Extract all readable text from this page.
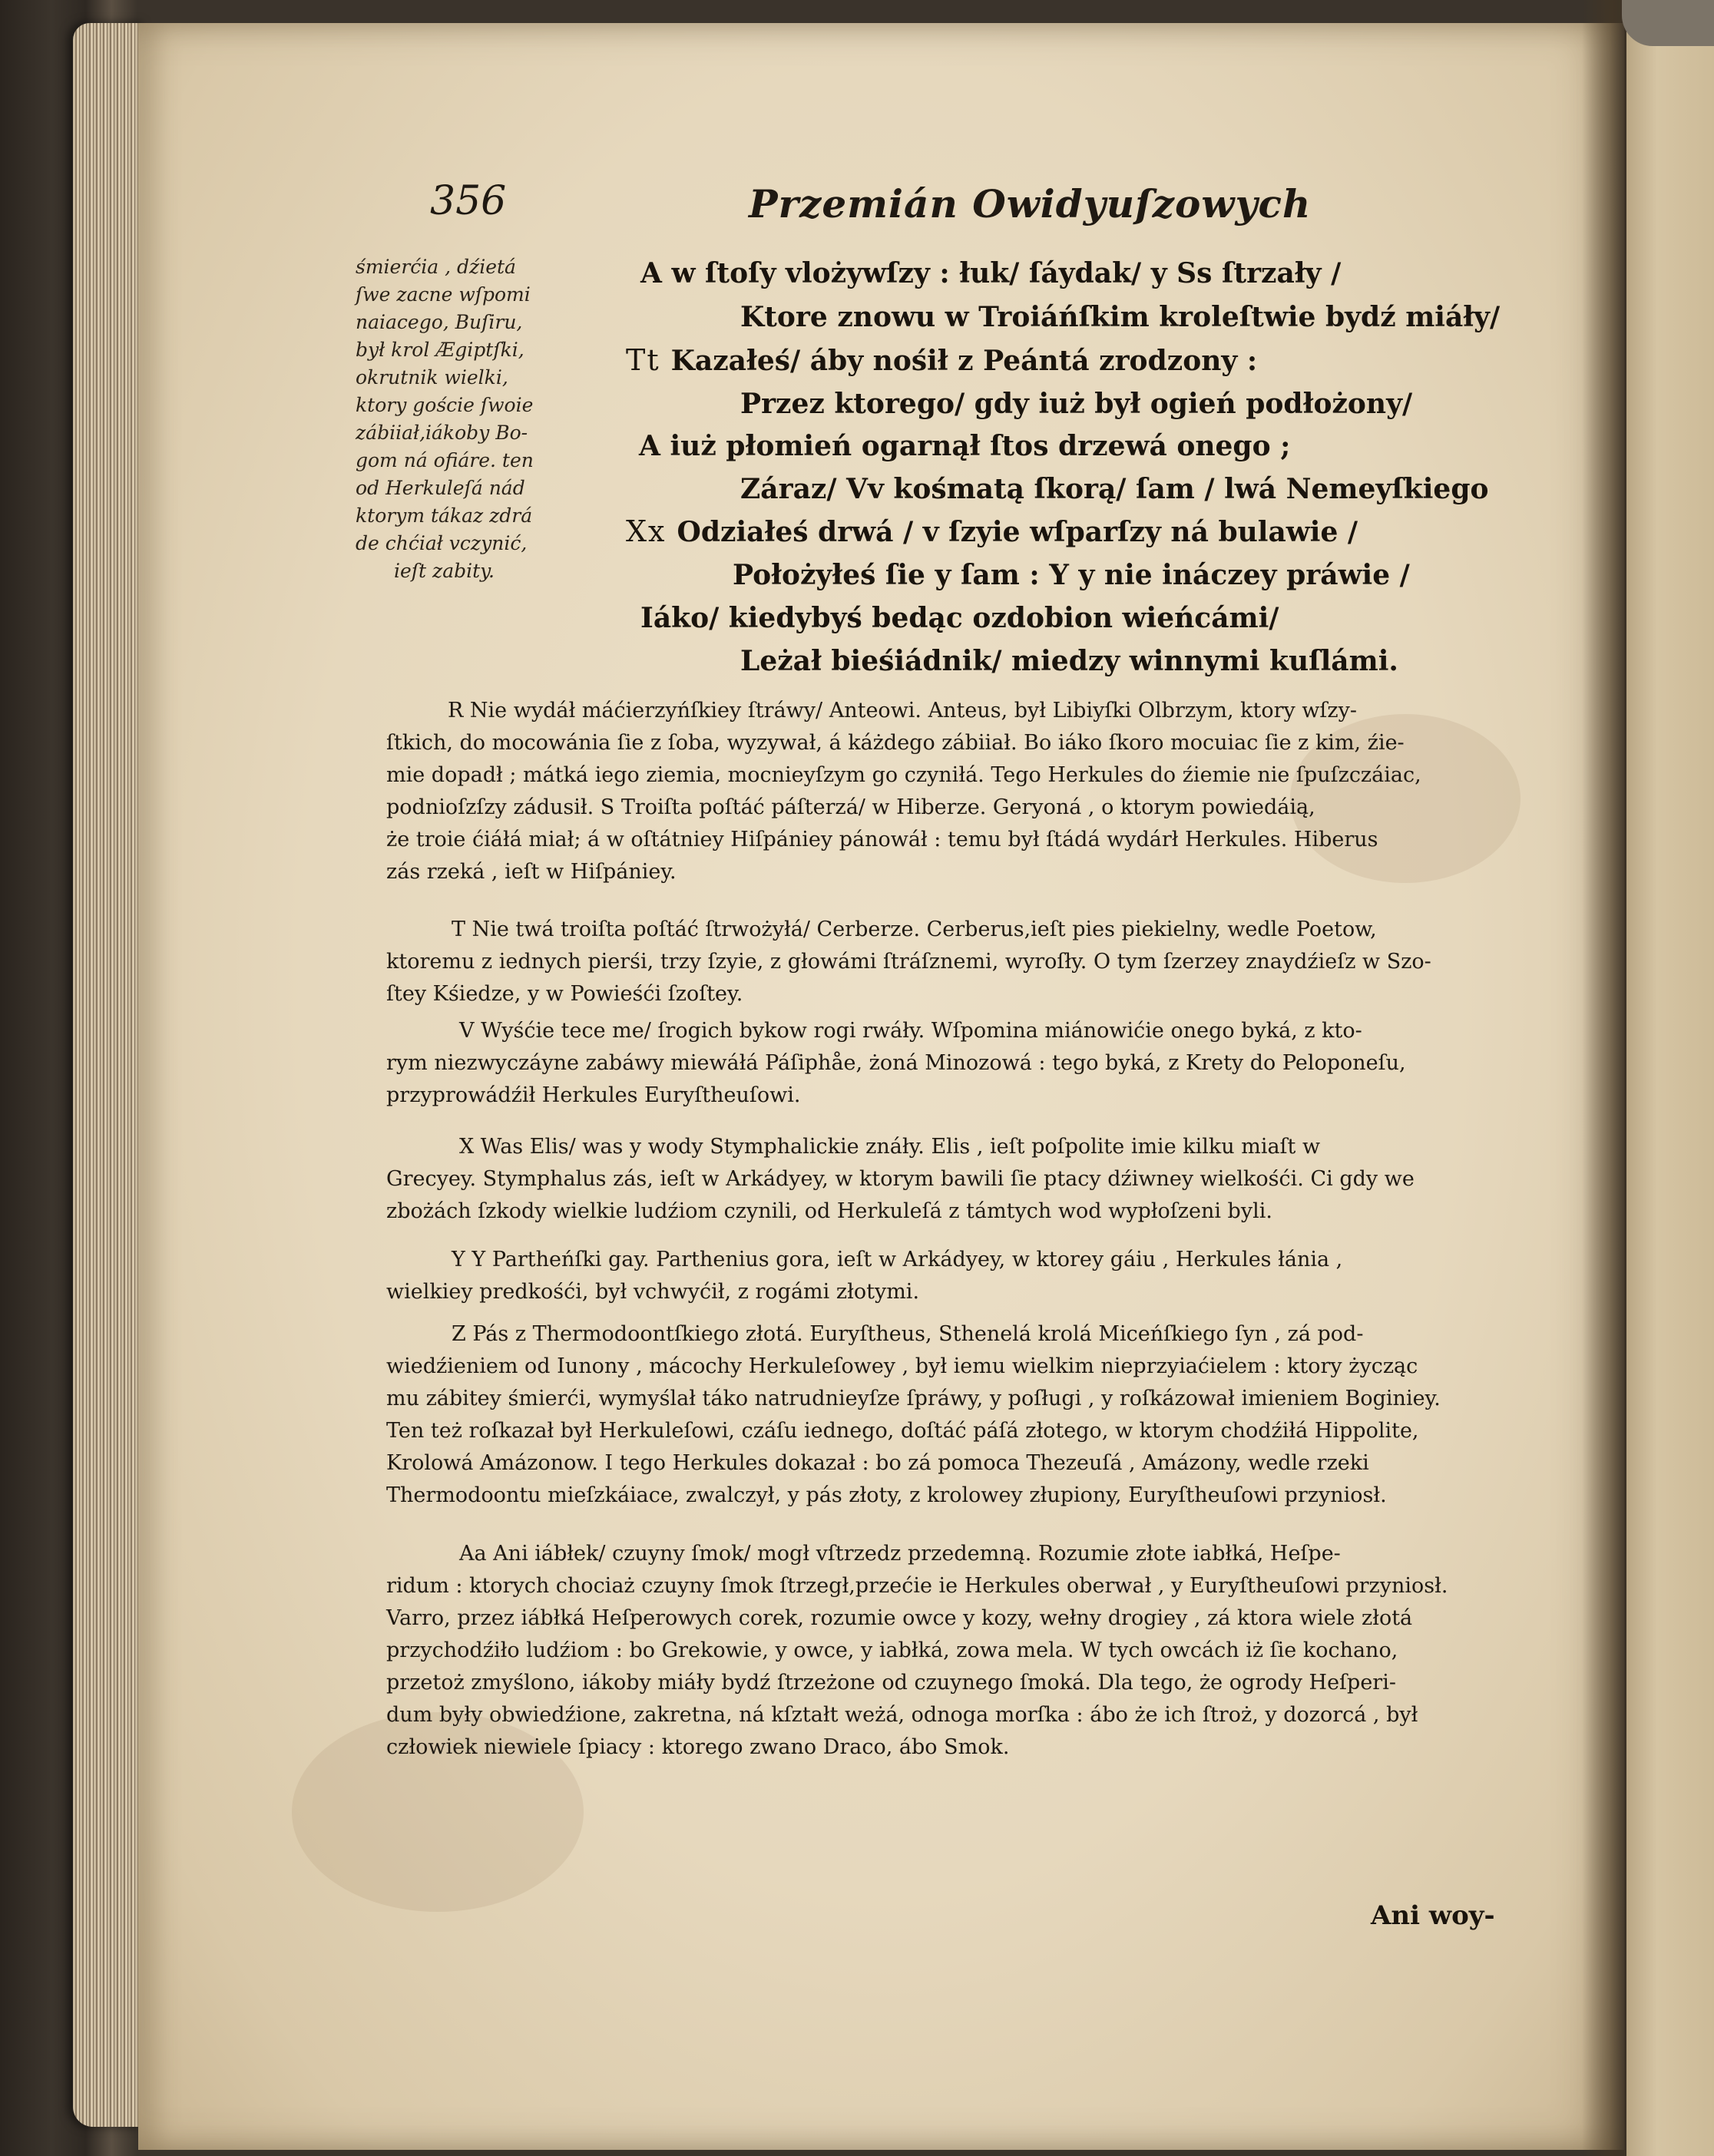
356	Przemián Owidyuſzowych
śmierćia , dźietá
ſwe zacne wſpomi
naiacego, Buſiru,
był krol Ægiptſki,
okrutnik wielki,
ktory goście ſwoie
zábiiał,iákoby Bo-
gom ná ofiáre. ten
od Herkuleſá nád
ktorym tákaz zdrá
de chćiał vczynić,
ieſt zabity.
A w ſtoſy vlożywſzy : łuk/ ſáydak/ y Ss ſtrzały /
Ktore znowu w Troiáńſkim kroleſtwie bydź miáły/
Tt Kazałeś/ áby nośił z Peántá zrodzony :
Przez ktorego/ gdy iuż był ogień podłożony/
A iuż płomień ogarnął ſtos drzewá onego ;
Záraz/ Vv kośmatą ſkorą/ ſam / lwá Nemeyſkiego
Xx Odziałeś drwá / v ſzyie wſparſzy ná bulawie /
Położyłeś ſie y ſam : Y y nie ináczey práwie /
Iáko/ kiedybyś bedąc ozdobion wieńcámi/
Leżał bieśiádnik/ miedzy winnymi kuſlámi.
R Nie wydáł máćierzyńſkiey ſtráwy/ Anteowi. Anteus, był Libiyſki Olbrzym, ktory wſzy-
ſtkich, do mocowánia ſie z ſoba, wyzywał, á káżdego zábiiał. Bo iáko ſkoro mocuiac ſie z kim, źie-
mie dopadł ; mátká iego ziemia, mocnieyſzym go czyniłá. Tego Herkules do źiemie nie ſpuſzczáiac,
podnioſzſzy zádusił. S Troiſta poſtáć páſterzá/ w Hiberze. Geryoná , o ktorym powiedáią,
że troie ćiáłá miał; á w oſtátniey Hiſpániey pánowáł : temu był ſtádá wydárł Herkules. Hiberus
zás rzeká , ieſt w Hiſpániey.
T Nie twá troiſta poſtáć ſtrwożyłá/ Cerberze. Cerberus,ieſt pies piekielny, wedle Poetow,
ktoremu z iednych pierśi, trzy ſzyie, z głowámi ſtráſznemi, wyroſły. O tym ſzerzey znaydźieſz w Szo-
ſtey Kśiedze, y w Powieśći ſzoſtey.
V Wyśćie tece me/ ſrogich bykow rogi rwáły. Wſpomina miánowićie onego byká, z kto-
rym niezwyczáyne zabáwy miewáłá Páſiphåe, żoná Minozowá : tego byká, z Krety do Peloponeſu,
przyprowádźił Herkules Euryſtheuſowi.
X Was Elis/ was y wody Stymphalickie znáły. Elis , ieſt poſpolite imie kilku miaſt w
Grecyey. Stymphalus zás, ieſt w Arkádyey, w ktorym bawili ſie ptacy dźiwney wielkośći. Ci gdy we
zbożách ſzkody wielkie ludźiom czynili, od Herkuleſá z támtych wod wypłoſzeni byli.
Y Y Partheńſki gay. Parthenius gora, ieſt w Arkádyey, w ktorey gáiu , Herkules łánia ,
wielkiey predkośći, był vchwyćił, z rogámi złotymi.
Z Pás z Thermodoontſkiego złotá. Euryſtheus, Sthenelá krolá Miceńſkiego ſyn , zá pod-
wiedźieniem od Iunony , mácochy Herkuleſowey , był iemu wielkim nieprzyiaćielem : ktory życząc
mu zábitey śmierći, wymyślał táko natrudnieyſze ſpráwy, y poſługi , y roſkázował imieniem Boginiey.
Ten też roſkazał był Herkuleſowi, czáſu iednego, doſtáć páſá złotego, w ktorym chodźiłá Hippolite,
Krolowá Amázonow. I tego Herkules dokazał : bo zá pomoca Thezeuſá , Amázony, wedle rzeki
Thermodoontu mieſzkáiace, zwalczył, y pás złoty, z krolowey złupiony, Euryſtheuſowi przyniosł.
Aa Ani iábłek/ czuyny ſmok/ mogł vſtrzedz przedemną. Rozumie złote iabłká, Heſpe-
ridum : ktorych chociaż czuyny ſmok ſtrzegł,przećie ie Herkules oberwał , y Euryſtheuſowi przyniosł.
Varro, przez iábłká Heſperowych corek, rozumie owce y kozy, wełny drogiey , zá ktora wiele złotá
przychodźiło ludźiom : bo Grekowie, y owce, y iabłká, zowa mela. W tych owcách iż ſie kochano,
przetoż zmyślono, iákoby miáły bydź ſtrzeżone od czuynego ſmoká. Dla tego, że ogrody Heſperi-
dum były obwiedźione, zakretna, ná kſztałt weżá, odnoga morſka : ábo że ich ſtroż, y dozorcá , był
człowiek niewiele ſpiacy : ktorego zwano Draco, ábo Smok.
Ani woy-
